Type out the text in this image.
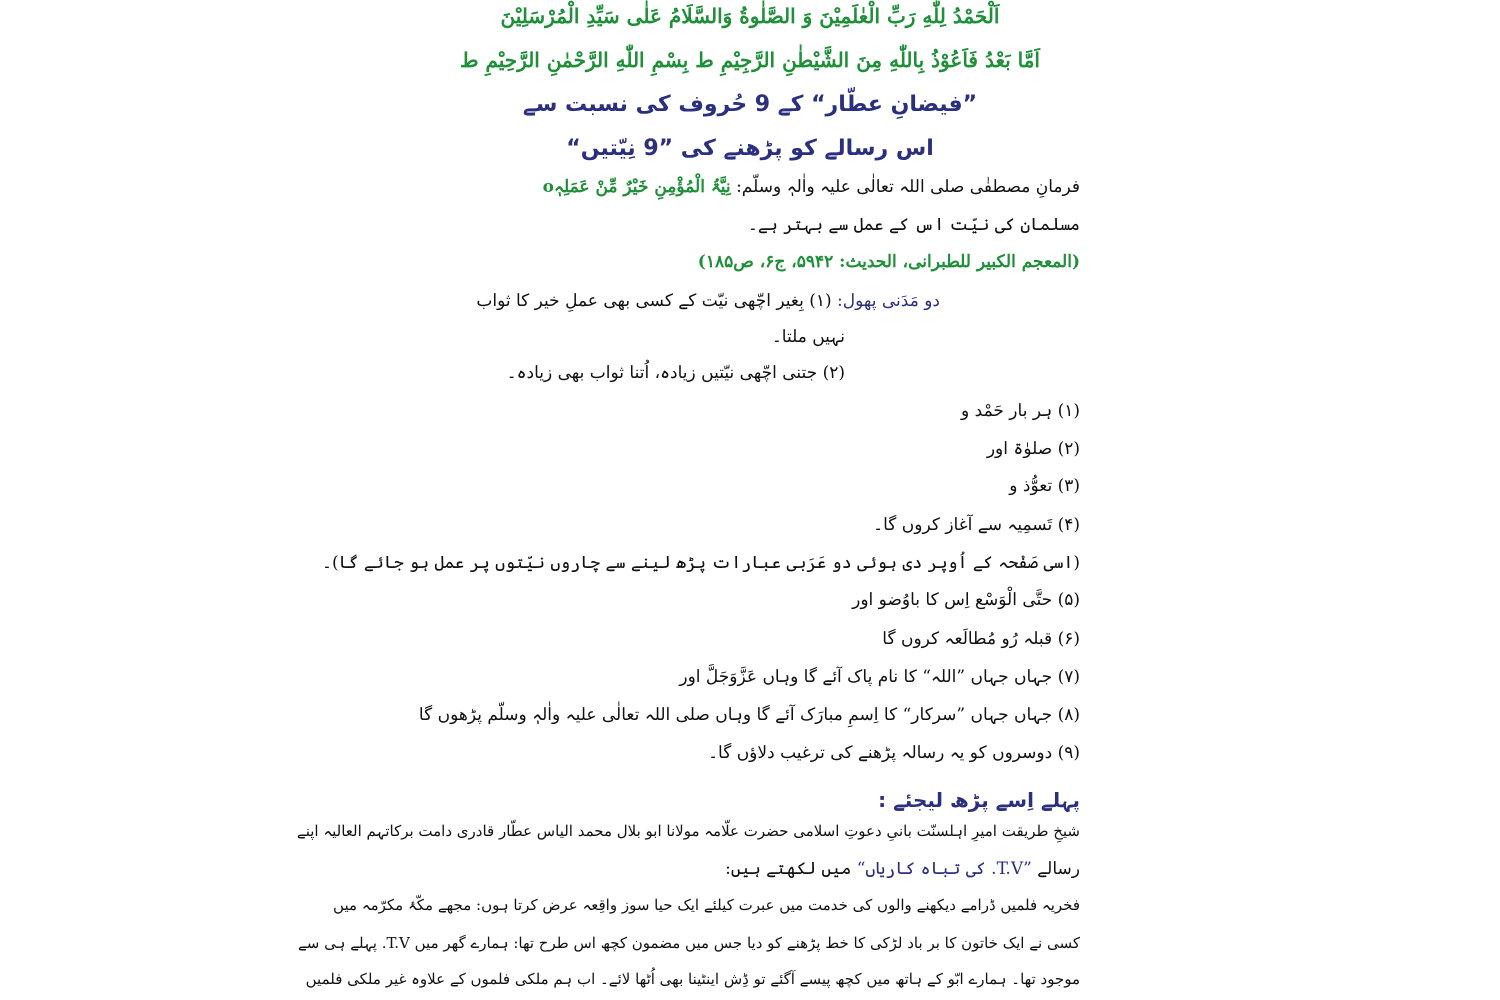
اَلْحَمْدُ لِلّٰهِ رَبِّ الْعٰلَمِيْنَ وَ الصَّلٰوةُ وَالسَّلَامُ عَلٰى سَيِّدِ الْمُرْسَلِيْنَ
اَمَّا بَعْدُ فَاَعُوْذُ بِاللّٰهِ مِنَ الشَّيْطٰنِ الرَّجِيْمِ ط بِسْمِ اللّٰهِ الرَّحْمٰنِ الرَّحِيْمِ ط
”فیضانِ عطّار“ کے 9 حُروف کی نسبت سے
اس رسالے کو پڑھنے کی ”9 نِیّتیں“
فرمانِ مصطفٰی صلی اللہ تعالٰی علیہ واٰلہٖ وسلّم: نِیَّۃُ الْمُؤْمِنِ خَیْرٌ مِّنْ عَمَلِہٖo
مسلمان کی نیّت اس کے عمل سے بہتر ہے۔
(المعجم الکبیر للطبرانی، الحدیث: ۵۹۴۲، ج۶، ص۱۸۵)
دو مَدَنی پھول: (۱) بِغیر اچّھی نیّت کے کسی بھی عملِ خیر کا ثواب
نہیں ملتا۔
(۲) جتنی اچّھی نیّتیں زیادہ، اُتنا ثواب بھی زیادہ۔
(۱) ہر بار حَمْد و
(۲) صلوٰۃ اور
(۳) تعوُّذ و
(۴) تَسمِیہ سے آغاز کروں گا۔
(اسی صَفْحہ کے اُوپر دی ہوئی دو عَرَبی عبارات پڑھ لینے سے چاروں نیّتوں پر عمل ہو جائے گا)۔
(۵) حتَّی الْوَسْع اِس کا باوُضو اور
(۶) قبلہ رُو مُطالَعہ کروں گا
(۷) جہاں جہاں ”اللہ“ کا نام پاک آئے گا وہاں عَزَّوَجَلَّ اور
(۸) جہاں جہاں ”سرکار“ کا اِسمِ مبارَک آئے گا وہاں صلی اللہ تعالٰی علیہ واٰلہٖ وسلّم پڑھوں گا
(۹) دوسروں کو یہ رسالہ پڑھنے کی ترغیب دلاؤں گا۔
پہلے اِسے پڑھ لیجئے :
شیخِ طریقت امیرِ اہلسنّت بانیِ دعوتِ اسلامی حضرت علّامہ مولانا ابو بلال محمد الیاس عطّار قادری دامت برکاتہم العالیہ اپنے
رسالے ”T.V. کی تباہ کاریاں“ میں لکھتے ہیں:
فخریہ فلمیں ڈرامے دیکھنے والوں کی خدمت میں عبرت کیلئے ایک حیا سوز واقِعہ عرض کرتا ہوں: مجھے مکّۂ مکرّمہ میں
کسی نے ایک خاتون کا بر باد لڑکی کا خط پڑھنے کو دیا جس میں مضمون کچھ اس طرح تھا: ہمارے گھر میں T.V. پہلے ہی سے
موجود تھا۔ ہمارے ابّو کے ہاتھ میں کچھ پیسے آگئے تو ڈِش اینٹینا بھی اُٹھا لائے۔ اب ہم ملکی فلموں کے علاوہ غیر ملکی فلمیں
